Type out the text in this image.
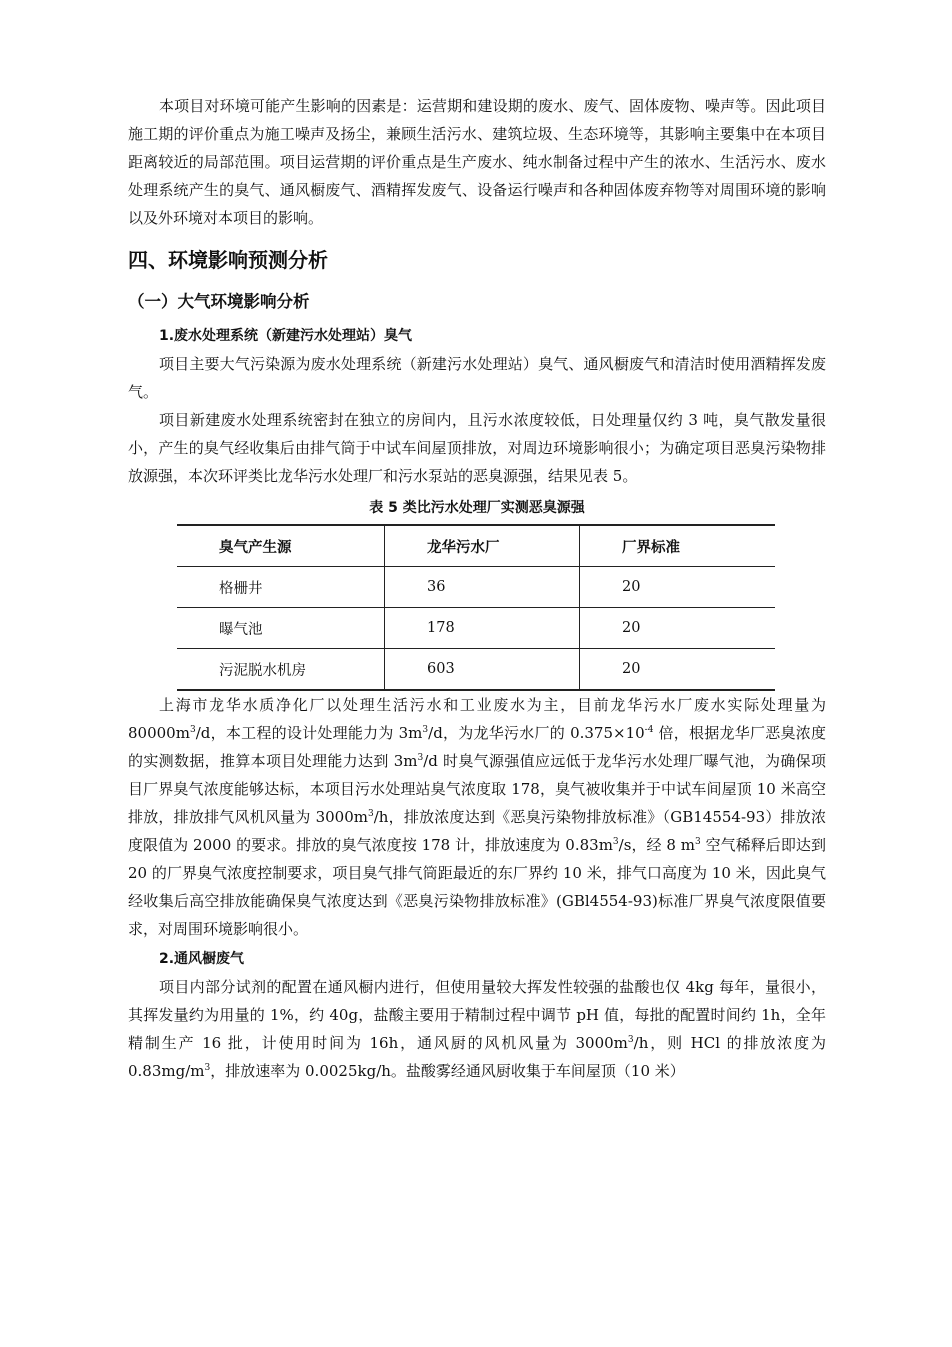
本项目对环境可能产生影响的因素是：运营期和建设期的废水、废气、固体废物、噪声等。因此项目施工期的评价重点为施工噪声及扬尘，兼顾生活污水、建筑垃圾、生态环境等，其影响主要集中在本项目距离较近的局部范围。项目运营期的评价重点是生产废水、纯水制备过程中产生的浓水、生活污水、废水处理系统产生的臭气、通风橱废气、酒精挥发废气、设备运行噪声和各种固体废弃物等对周围环境的影响以及外环境对本项目的影响。

四、环境影响预测分析
（一）大气环境影响分析
1.废水处理系统（新建污水处理站）臭气

项目主要大气污染源为废水处理系统（新建污水处理站）臭气、通风橱废气和清洁时使用酒精挥发废气。

项目新建废水处理系统密封在独立的房间内，且污水浓度较低，日处理量仅约 3 吨，臭气散发量很小，产生的臭气经收集后由排气筒于中试车间屋顶排放，对周边环境影响很小；为确定项目恶臭污染物排放源强，本次环评类比龙华污水处理厂和污水泵站的恶臭源强，结果见表 5。

表 5 类比污水处理厂实测恶臭源强
臭气产生源	龙华污水厂	厂界标准
格栅井	36	20
曝气池	178	20
污泥脱水机房	603	20

上海市龙华水质净化厂以处理生活污水和工业废水为主，目前龙华污水厂废水实际处理量为 $80000m^3/d$，本工程的设计处理能力为 $3m^3/d$，为龙华污水厂的 $0.375\times 10^{-4}$ 倍，根据龙华厂恶臭浓度的实测数据，推算本项目处理能力达到 $3m^3/d$ 时臭气源强值应远低于龙华污水处理厂曝气池，为确保项目厂界臭气浓度能够达标，本项目污水处理站臭气浓度取 178，臭气被收集并于中试车间屋顶 10 米高空排放，排放排气风机风量为 $3000m^3/h$，排放浓度达到《恶臭污染物排放标准》（GB14554-93）排放浓度限值为 2000 的要求。排放的臭气浓度按 178 计，排放速度为 $0.83m^3/s$，经 8 $m^3$ 空气稀释后即达到 20 的厂界臭气浓度控制要求，项目臭气排气筒距最近的东厂界约 10 米，排气口高度为 10 米，因此臭气经收集后高空排放能确保臭气浓度达到《恶臭污染物排放标准》(GBl4554-93)标准厂界臭气浓度限值要求，对周围环境影响很小。

2.通风橱废气

项目内部分试剂的配置在通风橱内进行，但使用量较大挥发性较强的盐酸也仅 4kg 每年，量很小，其挥发量约为用量的 1%，约 40g，盐酸主要用于精制过程中调节 pH 值，每批的配置时间约 1h，全年精制生产 16 批，计使用时间为 16h，通风厨的风机风量为 $3000m^3/h$，则 HCl 的排放浓度为 $0.83mg/m^3$，排放速率为 0.0025kg/h。盐酸雾经通风厨收集于车间屋顶（10 米）
